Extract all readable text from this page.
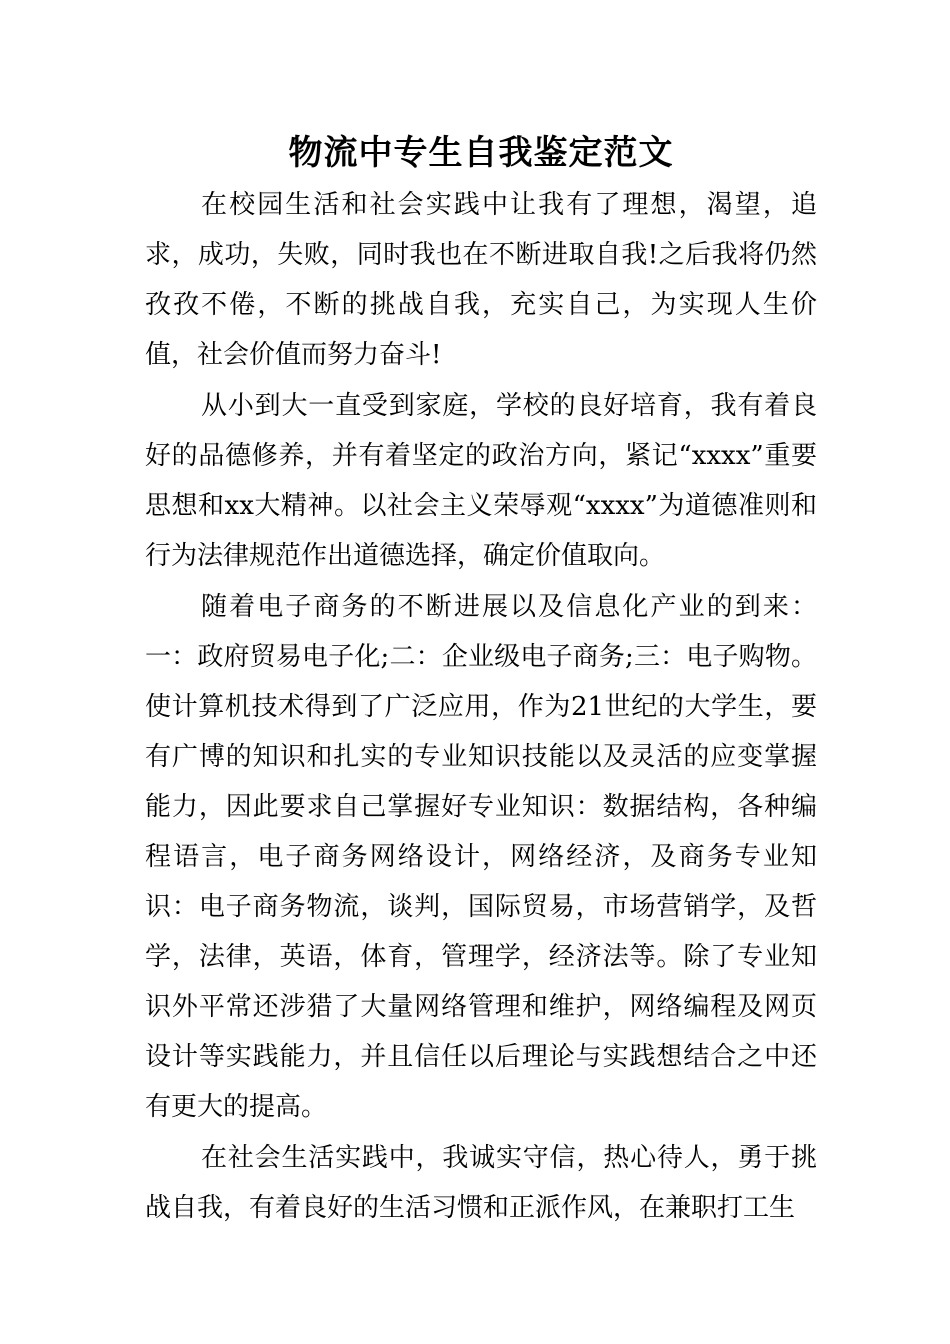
物流中专生自我鉴定范文

在校园生活和社会实践中让我有了理想，渴望，追求，成功，失败，同时我也在不断进取自我!之后我将仍然孜孜不倦，不断的挑战自我，充实自己，为实现人生价值，社会价值而努力奋斗!

从小到大一直受到家庭，学校的良好培育，我有着良好的品德修养，并有着坚定的政治方向，紧记“xxxx”重要思想和xx大精神。以社会主义荣辱观“xxxx”为道德准则和行为法律规范作出道德选择，确定价值取向。

随着电子商务的不断进展以及信息化产业的到来：一：政府贸易电子化;二：企业级电子商务;三：电子购物。使计算机技术得到了广泛应用，作为21世纪的大学生，要有广博的知识和扎实的专业知识技能以及灵活的应变掌握能力，因此要求自己掌握好专业知识：数据结构，各种编程语言，电子商务网络设计，网络经济，及商务专业知识：电子商务物流，谈判，国际贸易，市场营销学，及哲学，法律，英语，体育，管理学，经济法等。除了专业知识外平常还涉猎了大量网络管理和维护，网络编程及网页设计等实践能力，并且信任以后理论与实践想结合之中还有更大的提高。

在社会生活实践中，我诚实守信，热心待人，勇于挑战自我，有着良好的生活习惯和正派作风，在兼职打工生
